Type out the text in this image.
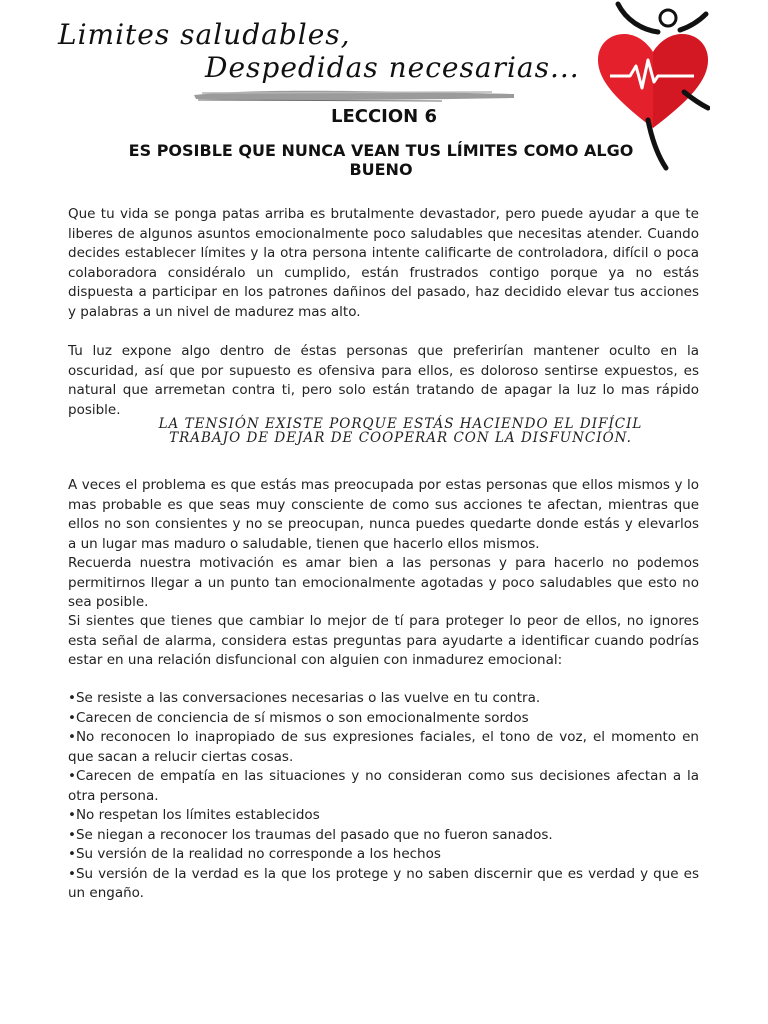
Limites saludables,
Despedidas necesarias...
LECCION 6
ES POSIBLE QUE NUNCA VEAN TUS LÍMITES COMO ALGO BUENO

Que tu vida se ponga patas arriba es brutalmente devastador, pero puede ayudar a que te liberes de algunos asuntos emocionalmente poco saludables que necesitas atender. Cuando decides establecer límites y la otra persona intente calificarte de controladora, difícil o poca colaboradora considéralo un cumplido, están frustrados contigo porque ya no estás dispuesta a participar en los patrones dañinos del pasado, haz decidido elevar tus acciones y palabras a un nivel de madurez mas alto.

Tu luz expone algo dentro de éstas personas que preferirían mantener oculto en la oscuridad, así que por supuesto es ofensiva para ellos, es doloroso sentirse expuestos, es natural que arremetan contra ti, pero solo están tratando de apagar la luz lo mas rápido posible.

LA TENSIÓN EXISTE PORQUE ESTÁS HACIENDO EL DIFÍCIL TRABAJO DE DEJAR DE COOPERAR CON LA DISFUNCIÓN.

A veces el problema es que estás mas preocupada por estas personas que ellos mismos y lo mas probable es que seas muy consciente de como sus acciones te afectan, mientras que ellos no son consientes y no se preocupan, nunca puedes quedarte donde estás y elevarlos a un lugar mas maduro o saludable, tienen que hacerlo ellos mismos.

Recuerda nuestra motivación es amar bien a las personas y para hacerlo no podemos permitirnos llegar a un punto tan emocionalmente agotadas y poco saludables que esto no sea posible.

Si sientes que tienes que cambiar lo mejor de tí para proteger lo peor de ellos, no ignores esta señal de alarma, considera estas preguntas para ayudarte a identificar cuando podrías estar en una relación disfuncional con alguien con inmadurez emocional:

•Se resiste a las conversaciones necesarias o las vuelve en tu contra.
•Carecen de conciencia de sí mismos o son emocionalmente sordos
•No reconocen lo inapropiado de sus expresiones faciales, el tono de voz, el momento en que sacan a relucir ciertas cosas.
•Carecen de empatía en las situaciones y no consideran como sus decisiones afectan a la otra persona.
•No respetan los límites establecidos
•Se niegan a reconocer los traumas del pasado que no fueron sanados.
•Su versión de la realidad no corresponde a los hechos
•Su versión de la verdad es la que los protege y no saben discernir que es verdad y que es un engaño.
